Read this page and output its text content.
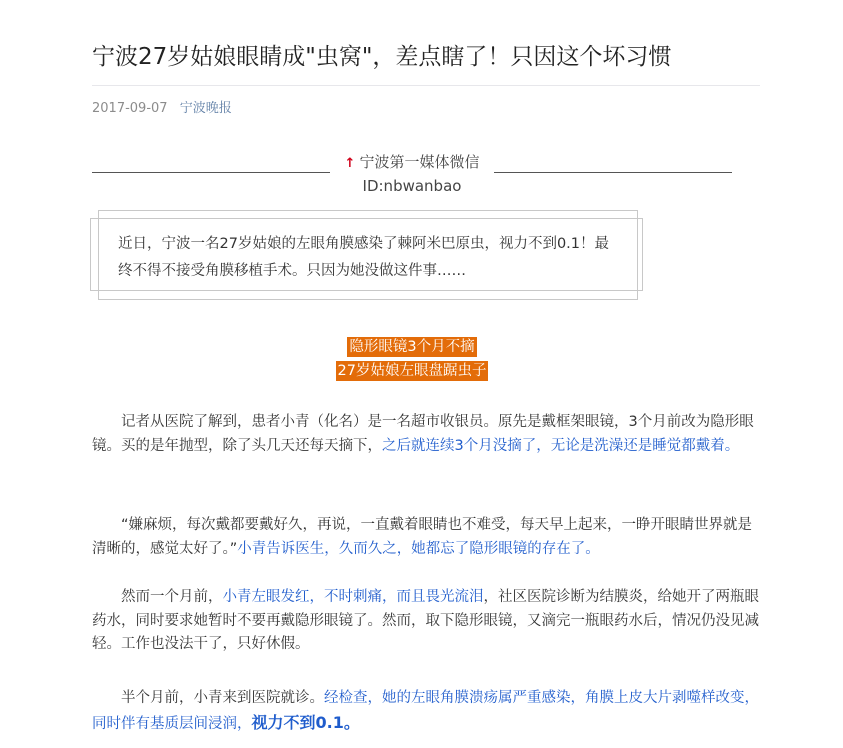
宁波27岁姑娘眼睛成"虫窝"，差点瞎了！只因这个坏习惯
2017-09-07 宁波晚报
↑ 宁波第一媒体微信
ID:nbwanbao
近日，宁波一名27岁姑娘的左眼角膜感染了棘阿米巴原虫，视力不到0.1！最终不得不接受角膜移植手术。只因为她没做这件事……
隐形眼镜3个月不摘
27岁姑娘左眼盘踞虫子

记者从医院了解到，患者小青（化名）是一名超市收银员。原先是戴框架眼镜，3个月前改为隐形眼镜。买的是年抛型，除了头几天还每天摘下，之后就连续3个月没摘了，无论是洗澡还是睡觉都戴着。

“嫌麻烦，每次戴都要戴好久，再说，一直戴着眼睛也不难受，每天早上起来，一睁开眼睛世界就是清晰的，感觉太好了。”小青告诉医生，久而久之，她都忘了隐形眼镜的存在了。

然而一个月前，小青左眼发红，不时刺痛，而且畏光流泪，社区医院诊断为结膜炎，给她开了两瓶眼药水，同时要求她暂时不要再戴隐形眼镜了。然而，取下隐形眼镜，又滴完一瓶眼药水后，情况仍没见减轻。工作也没法干了，只好休假。

半个月前，小青来到医院就诊。经检查，她的左眼角膜溃疡属严重感染，角膜上皮大片剥噬样改变，同时伴有基质层间浸润，视力不到0.1。
